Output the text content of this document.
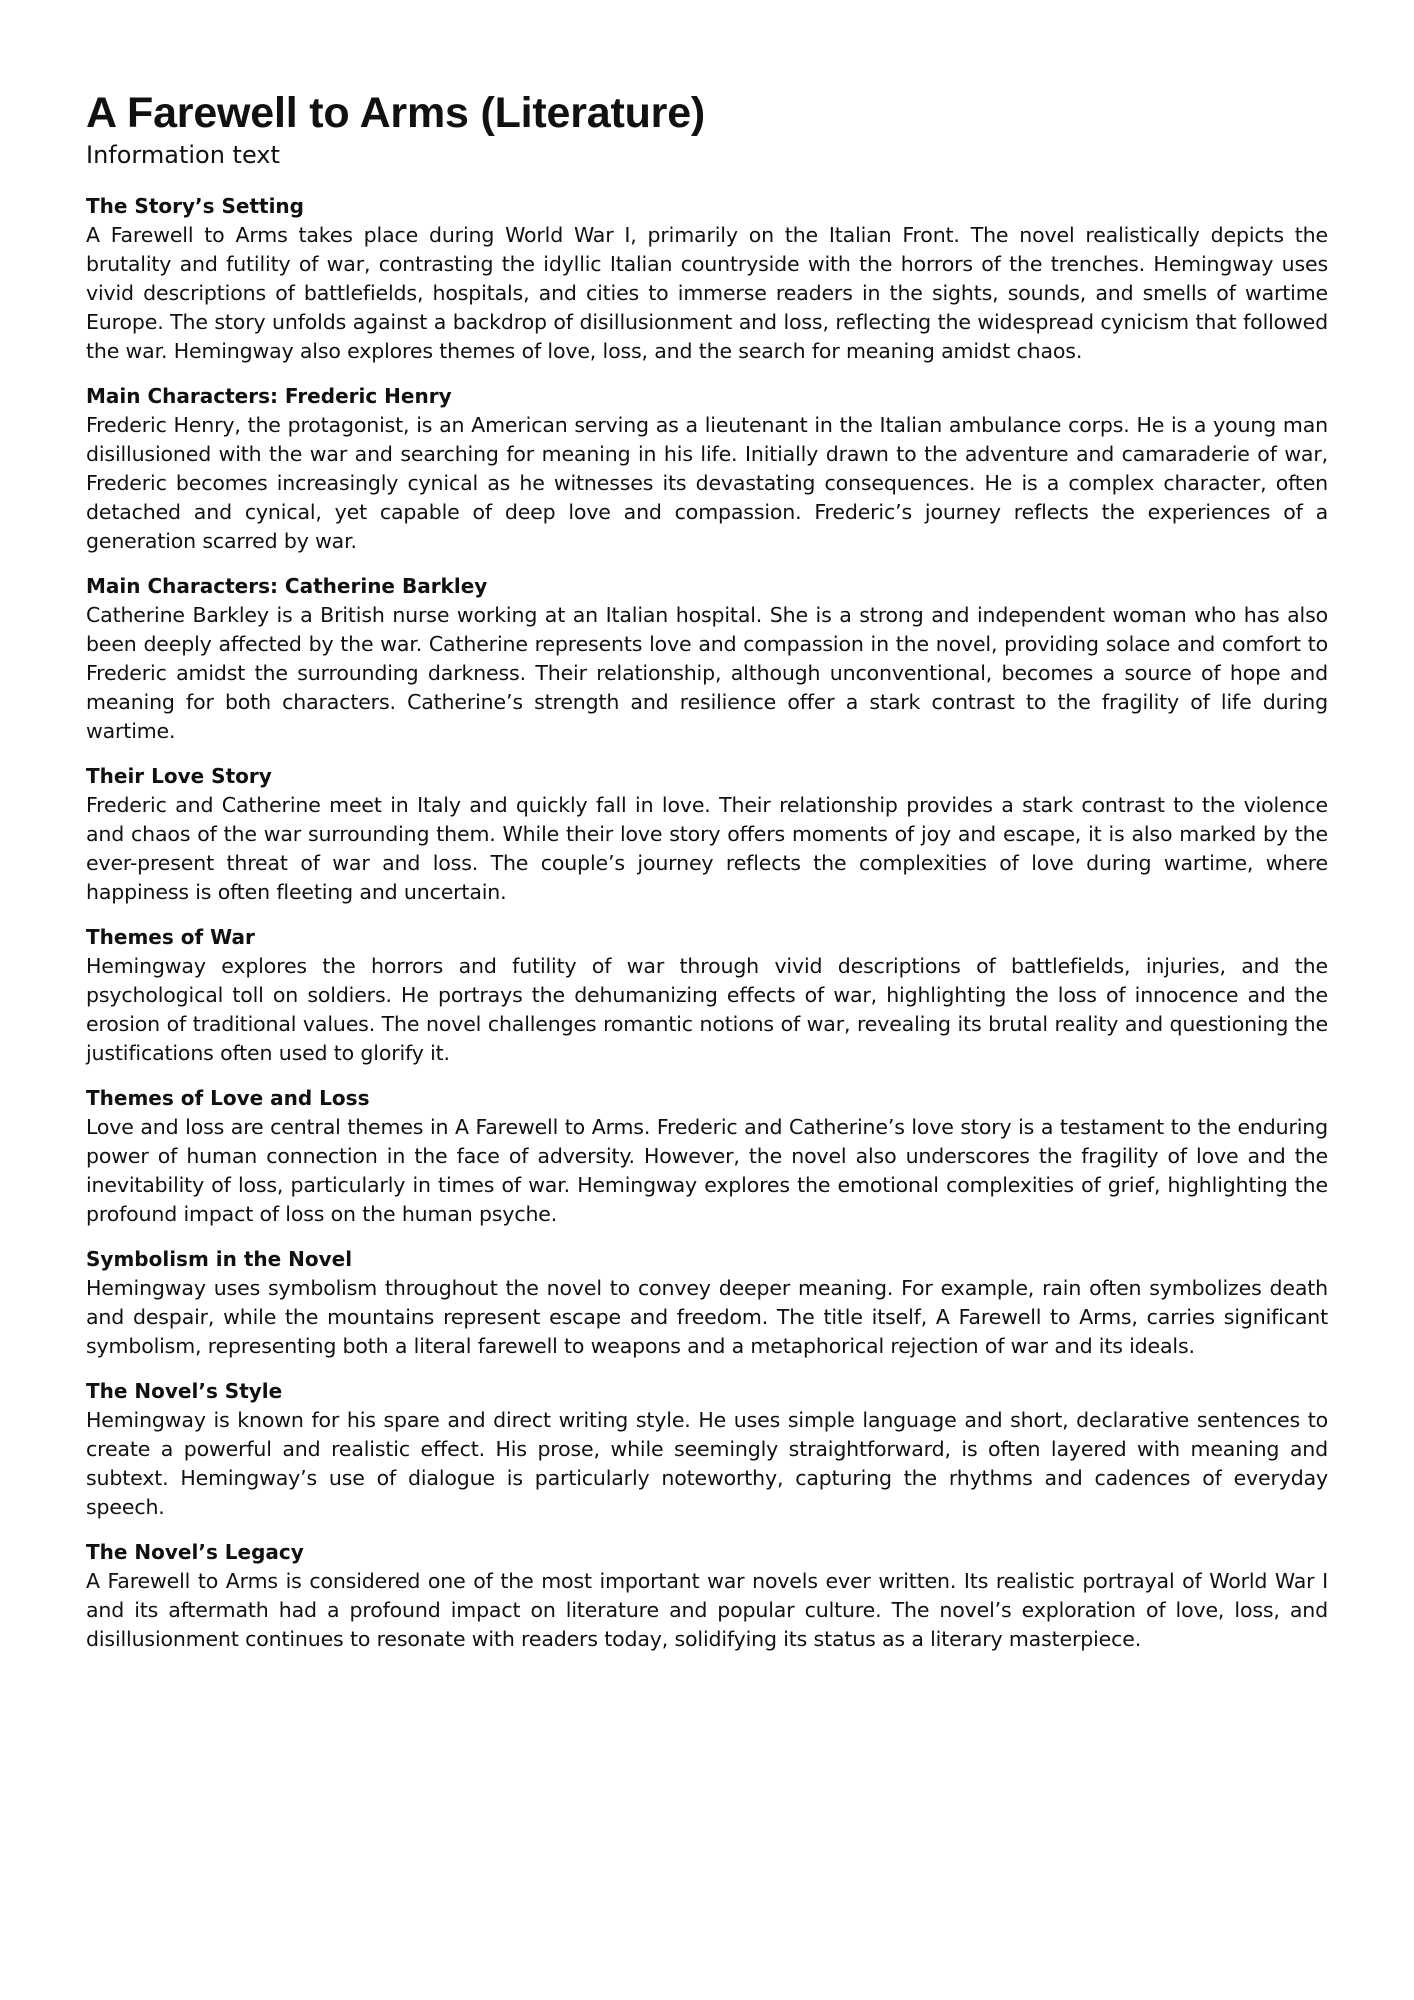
A Farewell to Arms (Literature)
Information text
The Story’s Setting

A Farewell to Arms takes place during World War I, primarily on the Italian Front. The novel realistically depicts the brutality and futility of war, contrasting the idyllic Italian countryside with the horrors of the trenches. Hemingway uses vivid descriptions of battlefields, hospitals, and cities to immerse readers in the sights, sounds, and smells of wartime Europe. The story unfolds against a backdrop of disillusionment and loss, reflecting the widespread cynicism that followed the war. Hemingway also explores themes of love, loss, and the search for meaning amidst chaos.

Main Characters: Frederic Henry

Frederic Henry, the protagonist, is an American serving as a lieutenant in the Italian ambulance corps. He is a young man disillusioned with the war and searching for meaning in his life. Initially drawn to the adventure and camaraderie of war, Frederic becomes increasingly cynical as he witnesses its devastating consequences. He is a complex character, often detached and cynical, yet capable of deep love and compassion. Frederic’s journey reflects the experiences of a generation scarred by war.

Main Characters: Catherine Barkley

Catherine Barkley is a British nurse working at an Italian hospital. She is a strong and independent woman who has also been deeply affected by the war. Catherine represents love and compassion in the novel, providing solace and comfort to Frederic amidst the surrounding darkness. Their relationship, although unconventional, becomes a source of hope and meaning for both characters. Catherine’s strength and resilience offer a stark contrast to the fragility of life during wartime.

Their Love Story

Frederic and Catherine meet in Italy and quickly fall in love. Their relationship provides a stark contrast to the violence and chaos of the war surrounding them. While their love story offers moments of joy and escape, it is also marked by the ever-present threat of war and loss. The couple’s journey reflects the complexities of love during wartime, where happiness is often fleeting and uncertain.

Themes of War

Hemingway explores the horrors and futility of war through vivid descriptions of battlefields, injuries, and the psychological toll on soldiers. He portrays the dehumanizing effects of war, highlighting the loss of innocence and the erosion of traditional values. The novel challenges romantic notions of war, revealing its brutal reality and questioning the justifications often used to glorify it.

Themes of Love and Loss

Love and loss are central themes in A Farewell to Arms. Frederic and Catherine’s love story is a testament to the enduring power of human connection in the face of adversity. However, the novel also underscores the fragility of love and the inevitability of loss, particularly in times of war. Hemingway explores the emotional complexities of grief, highlighting the profound impact of loss on the human psyche.

Symbolism in the Novel

Hemingway uses symbolism throughout the novel to convey deeper meaning. For example, rain often symbolizes death and despair, while the mountains represent escape and freedom. The title itself, A Farewell to Arms, carries significant symbolism, representing both a literal farewell to weapons and a metaphorical rejection of war and its ideals.

The Novel’s Style

Hemingway is known for his spare and direct writing style. He uses simple language and short, declarative sentences to create a powerful and realistic effect. His prose, while seemingly straightforward, is often layered with meaning and subtext. Hemingway’s use of dialogue is particularly noteworthy, capturing the rhythms and cadences of everyday speech.

The Novel’s Legacy

A Farewell to Arms is considered one of the most important war novels ever written. Its realistic portrayal of World War I and its aftermath had a profound impact on literature and popular culture. The novel’s exploration of love, loss, and disillusionment continues to resonate with readers today, solidifying its status as a literary masterpiece.
